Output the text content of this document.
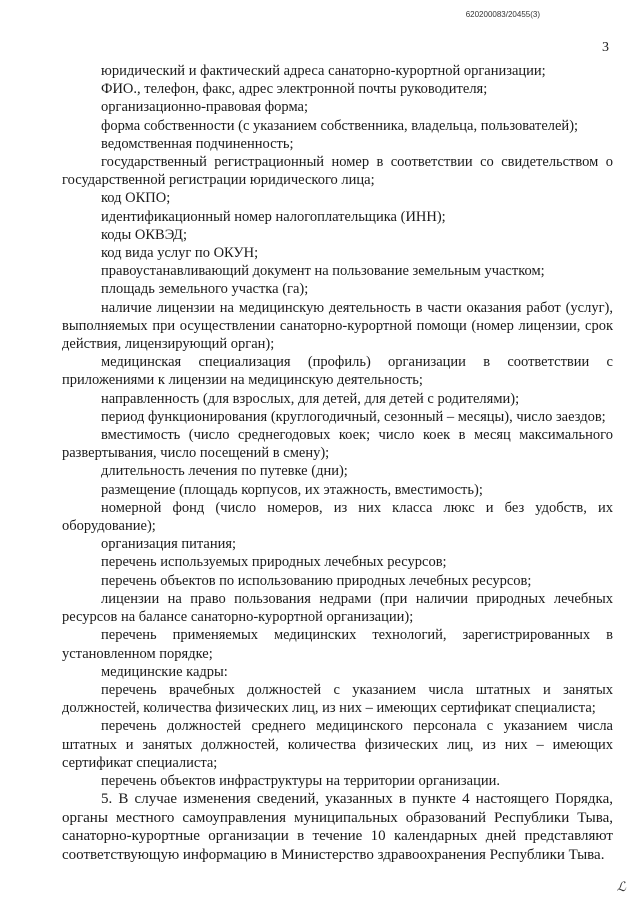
620200083/20455(3)
3

юридический и фактический адреса санаторно-курортной организации;

ФИО., телефон, факс, адрес электронной почты руководителя;

организационно-правовая форма;

форма собственности (с указанием собственника, владельца, пользователей);

ведомственная подчиненность;

государственный регистрационный номер в соответствии со свидетельством о государственной регистрации юридического лица;

код ОКПО;

идентификационный номер налогоплательщика (ИНН);

коды ОКВЭД;

код вида услуг по ОКУН;

правоустанавливающий документ на пользование земельным участком;

площадь земельного участка (га);

наличие лицензии на медицинскую деятельность в части оказания работ (услуг), выполняемых при осуществлении санаторно-курортной помощи (номер лицензии, срок действия, лицензирующий орган);

медицинская специализация (профиль) организации в соответствии с приложениями к лицензии на медицинскую деятельность;

направленность (для взрослых, для детей, для детей с родителями);

период функционирования (круглогодичный, сезонный – месяцы), число заездов;

вместимость (число среднегодовых коек; число коек в месяц максимального развертывания, число посещений в смену);

длительность лечения по путевке (дни);

размещение (площадь корпусов, их этажность, вместимость);

номерной фонд (число номеров, из них класса люкс и без удобств, их оборудование);

организация питания;

перечень используемых природных лечебных ресурсов;

перечень объектов по использованию природных лечебных ресурсов;

лицензии на право пользования недрами (при наличии природных лечебных ресурсов на балансе санаторно-курортной организации);

перечень применяемых медицинских технологий, зарегистрированных в установленном порядке;

медицинские кадры:

перечень врачебных должностей с указанием числа штатных и занятых должностей, количества физических лиц, из них – имеющих сертификат специалиста;

перечень должностей среднего медицинского персонала с указанием числа штатных и занятых должностей, количества физических лиц, из них – имеющих сертификат специалиста;

перечень объектов инфраструктуры на территории организации.

5. В случае изменения сведений, указанных в пункте 4 настоящего Порядка, органы местного самоуправления муниципальных образований Республики Тыва, санаторно-курортные организации в течение 10 календарных дней представляют соответствующую информацию в Министерство здравоохранения Республики Тыва.

ℒ
